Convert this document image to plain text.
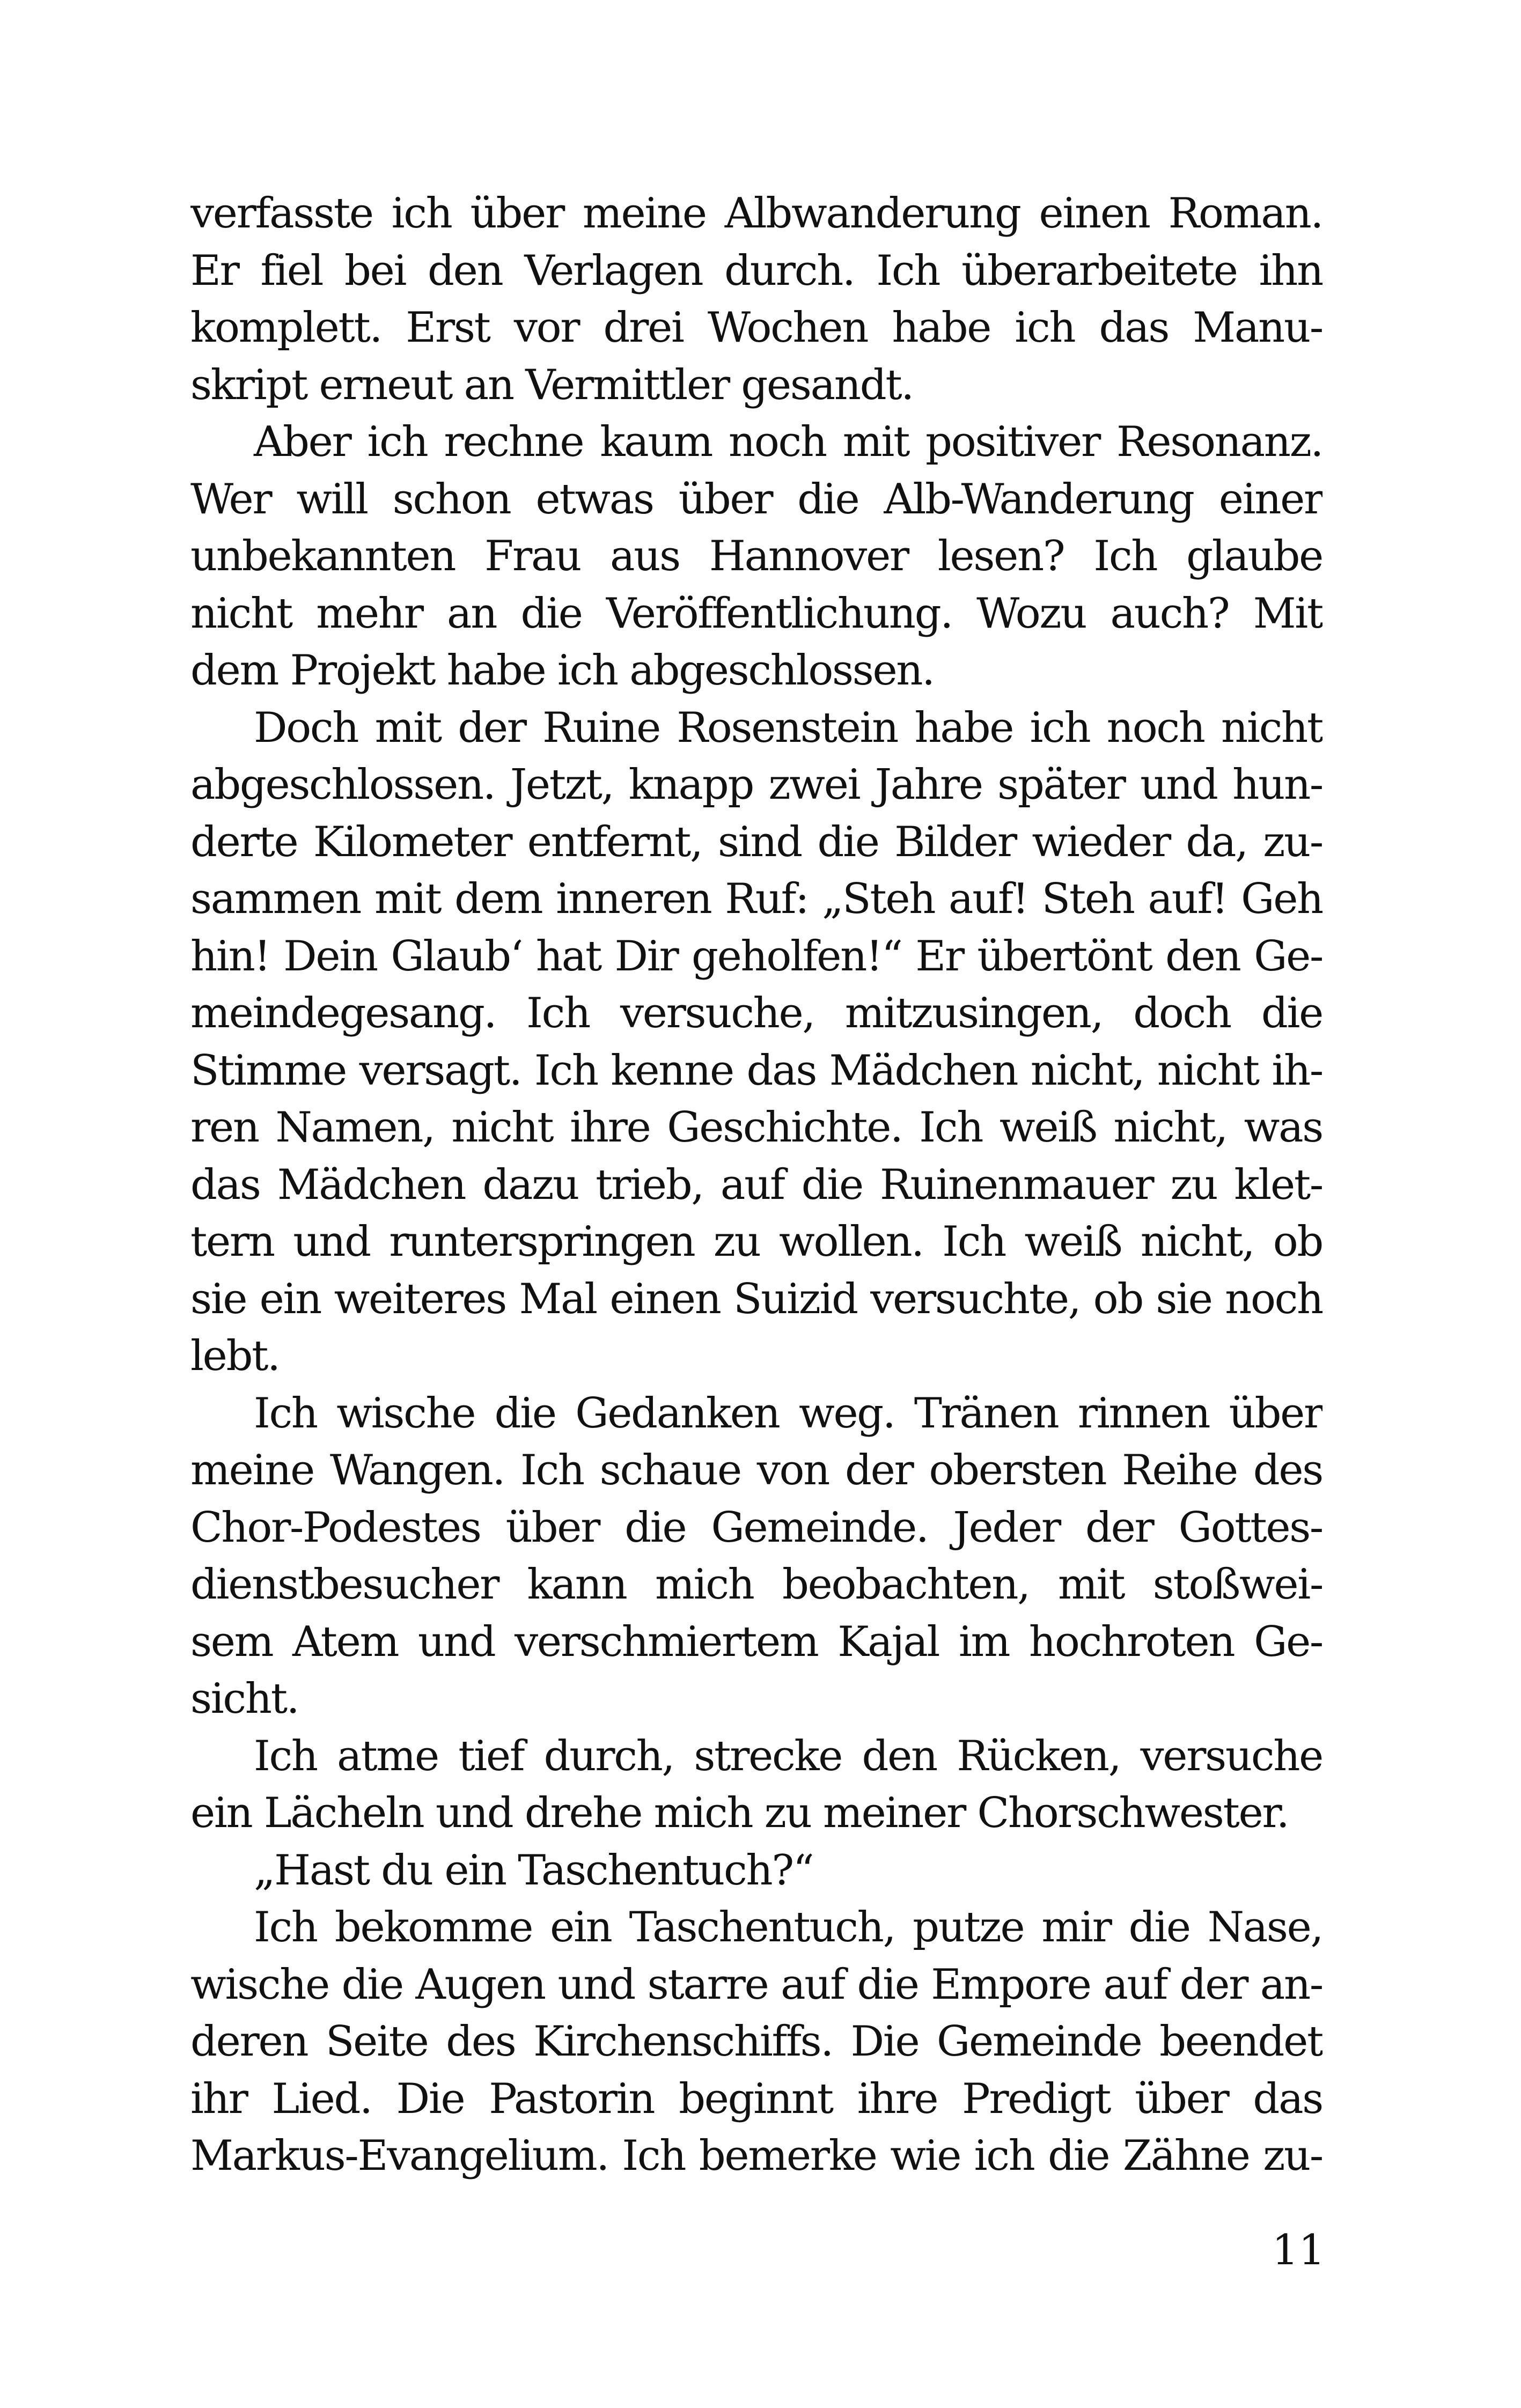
verfasste ich über meine Albwanderung einen Roman.
Er fiel bei den Verlagen durch. Ich überarbeitete ihn
komplett. Erst vor drei Wochen habe ich das Manu-
skript erneut an Vermittler gesandt.
Aber ich rechne kaum noch mit positiver Resonanz.
Wer will schon etwas über die Alb-Wanderung einer
unbekannten Frau aus Hannover lesen? Ich glaube
nicht mehr an die Veröffentlichung. Wozu auch? Mit
dem Projekt habe ich abgeschlossen.
Doch mit der Ruine Rosenstein habe ich noch nicht
abgeschlossen. Jetzt, knapp zwei Jahre später und hun-
derte Kilometer entfernt, sind die Bilder wieder da, zu-
sammen mit dem inneren Ruf: „Steh auf! Steh auf! Geh
hin! Dein Glaub‘ hat Dir geholfen!“ Er übertönt den Ge-
meindegesang. Ich versuche, mitzusingen, doch die
Stimme versagt. Ich kenne das Mädchen nicht, nicht ih-
ren Namen, nicht ihre Geschichte. Ich weiß nicht, was
das Mädchen dazu trieb, auf die Ruinenmauer zu klet-
tern und runterspringen zu wollen. Ich weiß nicht, ob
sie ein weiteres Mal einen Suizid versuchte, ob sie noch
lebt.
Ich wische die Gedanken weg. Tränen rinnen über
meine Wangen. Ich schaue von der obersten Reihe des
Chor-Podestes über die Gemeinde. Jeder der Gottes-
dienstbesucher kann mich beobachten, mit stoßwei-
sem Atem und verschmiertem Kajal im hochroten Ge-
sicht.
Ich atme tief durch, strecke den Rücken, versuche
ein Lächeln und drehe mich zu meiner Chorschwester.
„Hast du ein Taschentuch?“
Ich bekomme ein Taschentuch, putze mir die Nase,
wische die Augen und starre auf die Empore auf der an-
deren Seite des Kirchenschiffs. Die Gemeinde beendet
ihr Lied. Die Pastorin beginnt ihre Predigt über das
Markus-Evangelium. Ich bemerke wie ich die Zähne zu-
11
